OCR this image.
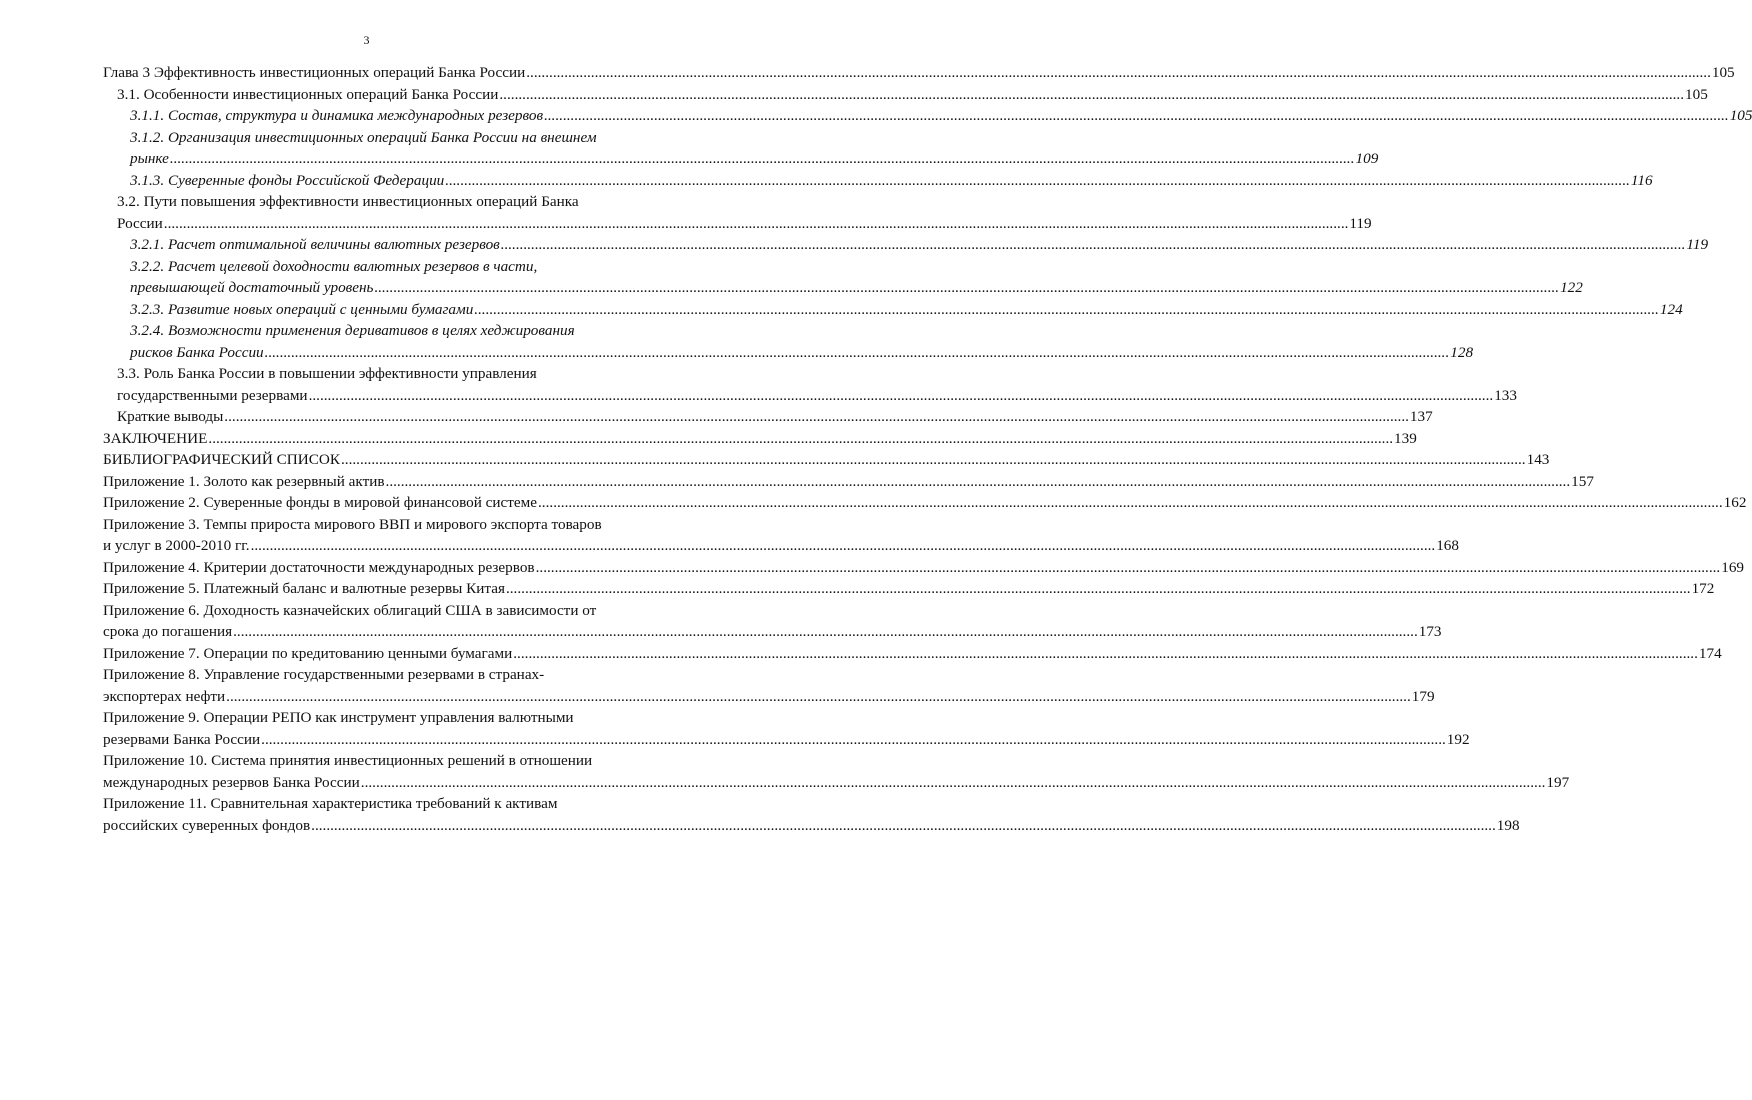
3
Глава 3 Эффективность инвестиционных операций Банка России .....	105
3.1. Особенности инвестиционных операций Банка России .....	105
3.1.1. Состав, структура и динамика международных резервов .....	105
3.1.2. Организация инвестиционных операций Банка России на внешнем
рынке .....	109
3.1.3. Суверенные фонды Российской Федерации .....	116
3.2. Пути повышения эффективности инвестиционных операций Банка
России .....	119
3.2.1. Расчет оптимальной величины валютных резервов .....	119
3.2.2. Расчет целевой доходности валютных резервов в части,
превышающей достаточный уровень .....	122
3.2.3. Развитие новых операций с ценными бумагами .....	124
3.2.4. Возможности применения деривативов в целях хеджирования
рисков Банка России .....	128
3.3. Роль Банка России в повышении эффективности управления
государственными резервами .....	133
Краткие выводы .....	137
ЗАКЛЮЧЕНИЕ .....	139
БИБЛИОГРАФИЧЕСКИЙ СПИСОК .....	143
Приложение 1. Золото как резервный актив .....	157
Приложение 2. Суверенные фонды в мировой финансовой системе .....	162
Приложение 3. Темпы прироста мирового ВВП и мирового экспорта товаров
и услуг в 2000-2010 гг. .....	168
Приложение 4. Критерии достаточности международных резервов .....	169
Приложение 5. Платежный баланс и валютные резервы Китая .....	172
Приложение 6. Доходность казначейских облигаций США в зависимости от
срока до погашения .....	173
Приложение 7. Операции по кредитованию ценными бумагами .....	174
Приложение 8. Управление государственными резервами в странах-
экспортерах нефти .....	179
Приложение 9. Операции РЕПО как инструмент управления валютными
резервами Банка России .....	192
Приложение 10. Система принятия инвестиционных решений в отношении
международных резервов Банка России .....	197
Приложение 11. Сравнительная характеристика требований к активам
российских суверенных фондов .....	198
